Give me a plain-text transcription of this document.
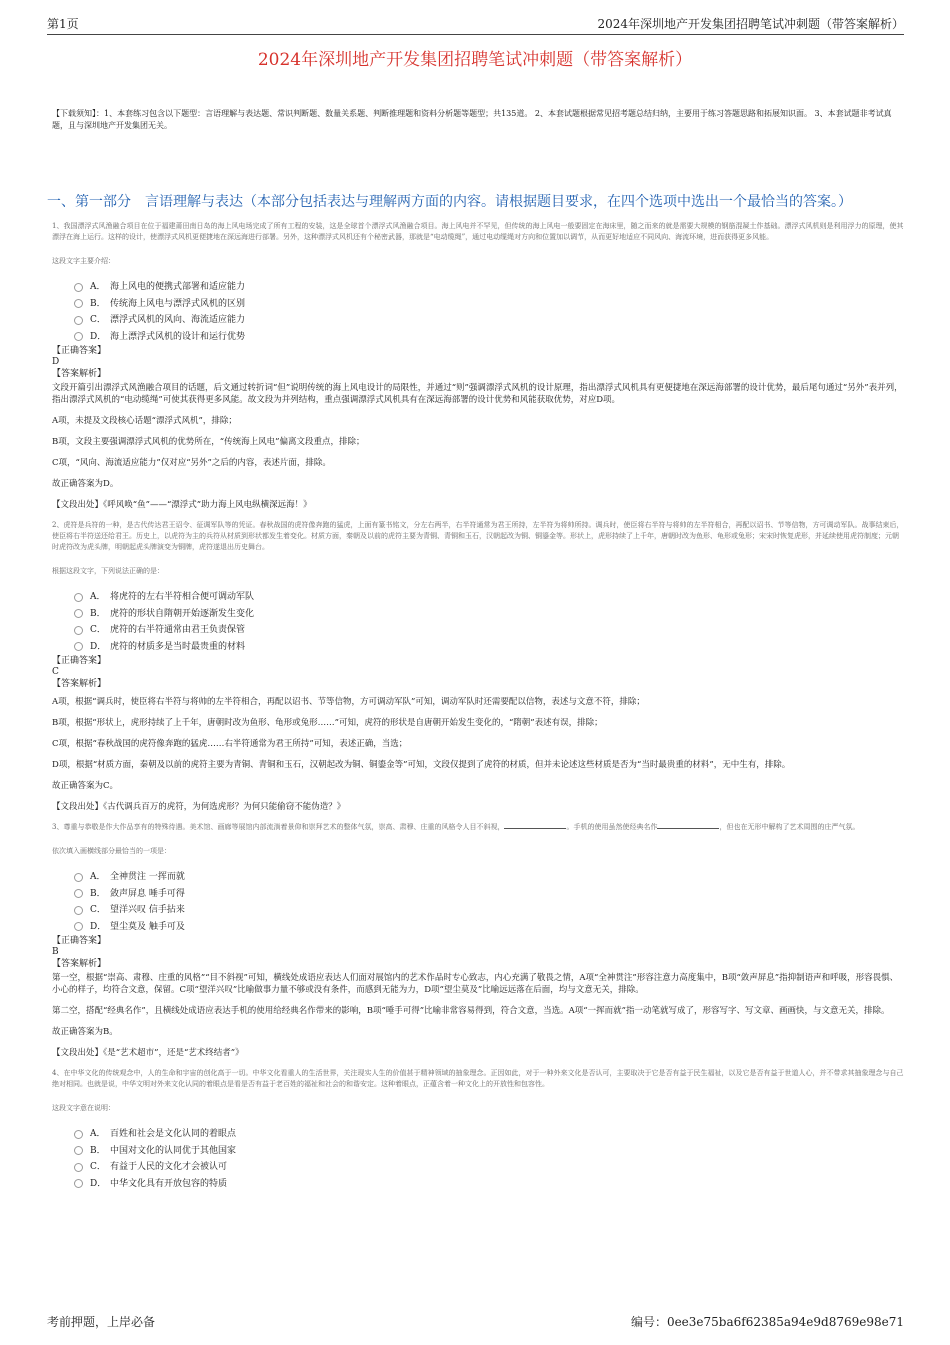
第1页	2024年深圳地产开发集团招聘笔试冲刺题（带答案解析）
2024年深圳地产开发集团招聘笔试冲刺题（带答案解析）

【下载须知】：1、本套练习包含以下题型：言语理解与表达题、常识判断题、数量关系题、判断推理题和资料分析题等题型；共135道。 2、本套试题根据常见招考题总结归纳，主要用于练习答题思路和拓展知识面。 3、本套试题非考试真题，且与深圳地产开发集团无关。

一、第一部分　言语理解与表达（本部分包括表达与理解两方面的内容。请根据题目要求，在四个选项中选出一个最恰当的答案。）

1、我国漂浮式风渔融合项目在位于福建莆田南日岛的海上风电场完成了所有工程的安装，这是全球首个漂浮式风渔融合项目。海上风电并不罕见，但传统的海上风电一般要固定在海床里，随之而来的就是需要大规模的钢筋混凝土作基础。漂浮式风机则是利用浮力的原理，使其漂浮在海上运行。这样的设计，使漂浮式风机更便捷地在深远海进行部署。另外，这种漂浮式风机还有个秘密武器，那就是“电动缆绳”，通过电动缆绳对方向和位置加以调节，从而更好地适应不同风向、海流环境，进而获得更多风能。

这段文字主要介绍：

A． 海上风电的便携式部署和适应能力
B． 传统海上风电与漂浮式风机的区别
C． 漂浮式风机的风向、海流适应能力
D． 海上漂浮式风机的设计和运行优势
【正确答案】
D
【答案解析】

文段开篇引出漂浮式风渔融合项目的话题，后文通过转折词“但”说明传统的海上风电设计的局限性，并通过“则”强调漂浮式风机的设计原理，指出漂浮式风机具有更便捷地在深远海部署的设计优势，最后尾句通过“另外”表并列，指出漂浮式风机的“电动缆绳”可使其获得更多风能。故文段为并列结构，重点强调漂浮式风机具有在深远海部署的设计优势和风能获取优势，对应D项。

A项，未提及文段核心话题“漂浮式风机”，排除；

B项，文段主要强调漂浮式风机的优势所在，“传统海上风电”偏离文段重点，排除；

C项，“风向、海流适应能力”仅对应“另外”之后的内容，表述片面，排除。

故正确答案为D。

【文段出处】《呼风唤“鱼”——“漂浮式”助力海上风电纵横深远海！》

2、虎符是兵符的一种，是古代传达君王诏令、征调军队等的凭证。春秋战国的虎符像奔跑的猛虎，上面有篆书铭文，分左右两半，右半符通常为君王所持，左半符为将帅所持。调兵时，使臣将右半符与将帅的左半符相合，再配以诏书、节等信物，方可调动军队。战事结束后，使臣将右半符送还给君王。历史上，以虎符为主的兵符从材质到形状都发生着变化。材质方面，秦朝及以前的虎符主要为青铜、青铜和玉石，汉朝起改为铜、铜鎏金等。形状上，虎形持续了上千年，唐朝时改为鱼形、龟形或兔形；宋宋时恢复虎形，并延续使用虎符制度；元朝时虎符改为虎头牌，明朝起虎头牌演变为铜牌，虎符遂退出历史舞台。

根据这段文字，下列说法正确的是：

A． 将虎符的左右半符相合便可调动军队
B． 虎符的形状自隋朝开始逐渐发生变化
C． 虎符的右半符通常由君王负责保管
D． 虎符的材质多是当时最贵重的材料
【正确答案】
C
【答案解析】

A项，根据“调兵时，使臣将右半符与将帅的左半符相合，再配以诏书、节等信物，方可调动军队”可知，调动军队时还需要配以信物，表述与文意不符，排除；

B项，根据“形状上，虎形持续了上千年，唐朝时改为鱼形、龟形或兔形……”可知，虎符的形状是自唐朝开始发生变化的，“隋朝”表述有误，排除；

C项，根据“春秋战国的虎符像奔跑的猛虎……右半符通常为君王所持”可知，表述正确，当选；

D项，根据“材质方面，秦朝及以前的虎符主要为青铜、青铜和玉石，汉朝起改为铜、铜鎏金等”可知，文段仅提到了虎符的材质，但并未论述这些材质是否为“当时最贵重的材料”，无中生有，排除。

故正确答案为C。

【文段出处】《古代调兵百万的虎符，为何选虎形？为何只能偷窃不能伪造？》

3、尊重与恭敬是作大作品享有的特殊待遇。美术馆、画廊等展馆内部流淌着景仰和崇拜艺术的整体气氛，崇高、肃穆、庄重的风格令人目不斜视，	。手机的使用虽然使经典名作	，但也在无形中解构了艺术周围的庄严气氛。

依次填入画横线部分最恰当的一项是：

A． 全神贯注 一挥而就
B． 敛声屏息 唾手可得
C． 望洋兴叹 信手拈来
D． 望尘莫及 触手可及
【正确答案】
B
【答案解析】

第一空，根据“崇高、肃穆、庄重的风格”“目不斜视”可知，横线处成语应表达人们面对展馆内的艺术作品时专心致志，内心充满了敬畏之情，A项“全神贯注”形容注意力高度集中，B项“敛声屏息”指抑制语声和呼吸，形容畏惧、小心的样子，均符合文意，保留。C项“望洋兴叹”比喻做事力量不够或没有条件，而感到无能为力，D项“望尘莫及”比喻远远落在后面，均与文意无关，排除。

第二空，搭配“经典名作”，且横线处成语应表达手机的使用给经典名作带来的影响，B项“唾手可得”比喻非常容易得到，符合文意，当选。A项“一挥而就”指一动笔就写成了，形容写字、写文章、画画快，与文意无关，排除。

故正确答案为B。

【文段出处】《是“艺术超市”，还是“艺术终结者”》

4、在中华文化的传统观念中，人的生命和宇宙的创化高于一切。中华文化看重人的生活世界，关注现实人生的价值甚于精神领域的抽象理念。正因如此，对于一种外来文化是否认可，主要取决于它是否有益于民生福祉，以及它是否有益于世道人心，并不带求其抽象理念与自己绝对相同。也就是说，中华文明对外来文化认同的着眼点是看是否有益于老百姓的福祉和社会的和谐安定。这种着眼点，正蕴含着一种文化上的开放性和包容性。

这段文字意在说明：

A． 百姓和社会是文化认同的着眼点
B． 中国对文化的认同优于其他国家
C． 有益于人民的文化才会被认可
D． 中华文化具有开放包容的特质
考前押题，上岸必备	编号：0ee3e75ba6f62385a94e9d8769e98e71
